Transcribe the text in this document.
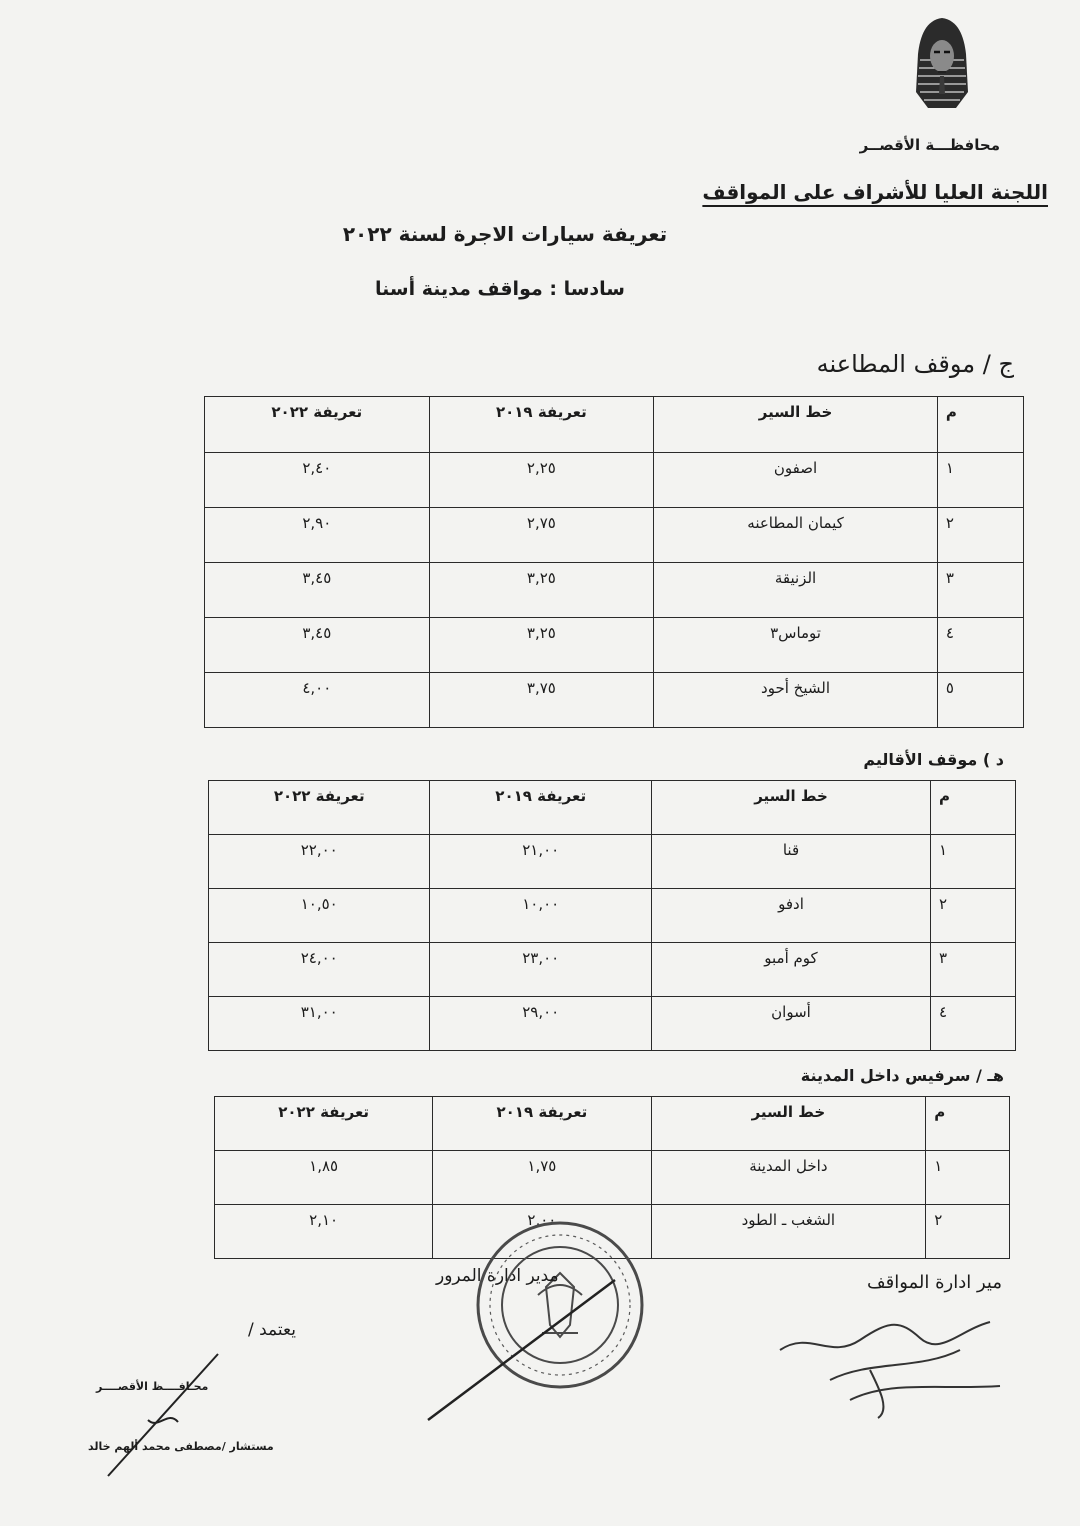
محافظـــة الأقصــر
اللجنة العليا للأشراف على المواقف
تعريفة سيارات الاجرة لسنة ٢٠٢٢
سادسا : مواقف مدينة أسنا
ج / موقف المطاعنه
م	خط السير	تعريفة ٢٠١٩	تعريفة ٢٠٢٢
١	اصفون	٢,٢٥	٢,٤٠
٢	كيمان المطاعنه	٢,٧٥	٢,٩٠
٣	الزنيقة	٣,٢٥	٣,٤٥
٤	توماس٣	٣,٢٥	٣,٤٥
٥	الشيخ أحود	٣,٧٥	٤,٠٠
د ) موقف الأقاليم
م	خط السير	تعريفة ٢٠١٩	تعريفة ٢٠٢٢
١	قنا	٢١,٠٠	٢٢,٠٠
٢	ادفو	١٠,٠٠	١٠,٥٠
٣	كوم أمبو	٢٣,٠٠	٢٤,٠٠
٤	أسوان	٢٩,٠٠	٣١,٠٠
هـ / سرفيس داخل المدينة
م	خط السير	تعريفة ٢٠١٩	تعريفة ٢٠٢٢
١	داخل المدينة	١,٧٥	١,٨٥
٢	الشغب ـ الطود	٢,٠٠	٢,١٠
مدير ادارة المرور	مير ادارة المواقف
يعتمد /
محـافــــظ الأقصــــر
مستشار /مصطفى محمد ألهم خالد
